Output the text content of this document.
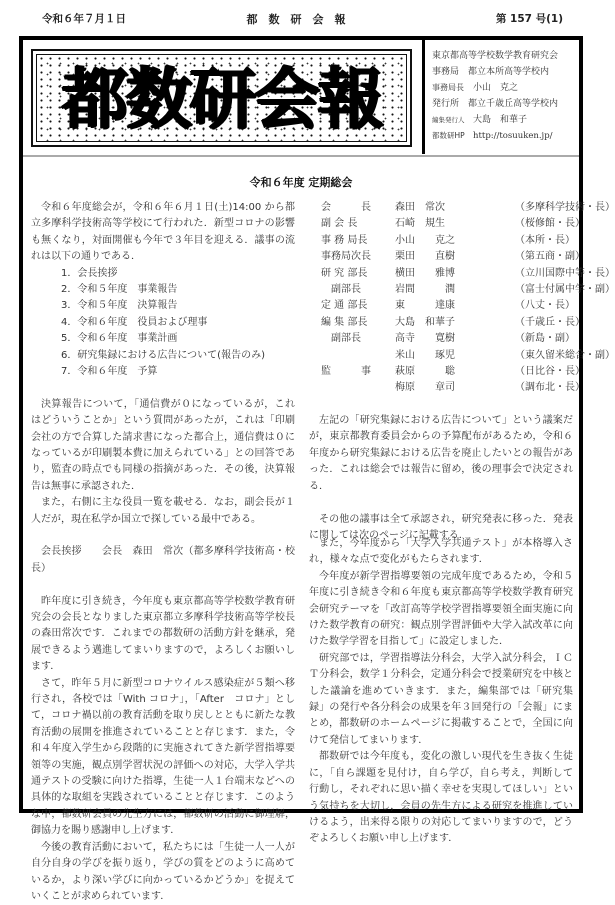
令和６年７月１日	都数研会報	第 157 号(1)
都数研会報
東京都高等学校数学教育研究会
事務局　 都立本所高等学校内
事務局長　 小山　克之
発行所　 都立千歳丘高等学校内
編集発行人　 大島　和華子
都数研HP　 http://tosuuken.jp/
令和６年度 定期総会

令和６年度総会が，令和６年６月１日(土)14:00 から都立多摩科学技術高等学校にて行われた．新型コロナの影響も無くなり，対面開催も今年で３年目を迎える．議事の流れは以下の通りである．

1．会長挨拶
2．令和５年度　事業報告
3．令和５年度　決算報告
4．令和６年度　役員および理事
5．令和６年度　事業計画
6．研究集録における広告について(報告のみ)
7．令和６年度　予算

決算報告について，「通信費が０になっているが，これはどういうことか」という質問があったが，これは「印刷会社の方で合算した請求書になった都合上，通信費は０になっているが印刷製本費に加えられている」との回答であり，監査の時点でも同様の指摘があった．その後，決算報告は無事に承認された．

また，右側に主な役員一覧を載せる．なお，副会長が１人だが，現在私学か国立で探している最中である。

会長挨拶　　会長　森田　常次（都多摩科学技術高・校長）

昨年度に引き続き，今年度も東京都高等学校数学教育研究会の会長となりました東京都立多摩科学技術高等学校長の森田常次です．これまでの都数研の活動方針を継承，発展できるよう邁進してまいりますので，よろしくお願いします．

さて，昨年５月に新型コロナウイルス感染症が５類へ移行され，各校では「With コロナ」，「After　コロナ」として，コロナ禍以前の教育活動を取り戻しとともに新たな教育活動の展開を推進されていることと存じます．また，令和４年度入学生から段階的に実施されてきた新学習指導要領等の実施，観点別学習状況の評価への対応，大学入学共通テストの受験に向けた指導，生徒一人１台端末などへの具体的な取組を実践されていることと存じます．このような中，都数研会員の先生方には，都数研の活動に御理解，御協力を賜り感謝申し上げます．

今後の教育活動において，私たちには「生徒一人一人が自分自身の学びを振り返り，学びの質をどのように高めているか，より深い学びに向かっているかどうか」を捉えていくことが求められています．

会　　　長 森田　常次	（多摩科学技術・長）
副 会 長	石崎　規生	（桜修館・長）
事 務 局長	小山　　克之	（本所・長）
事務局次長 栗田　　直樹	（第五商・副）
研 究 部長	横田　　雅博	（立川国際中等・長）
　副部長	岩間　　　潤	（富士付属中学・副）
定 通 部長	東　　　達康	（八丈・長）
編 集 部長	大島　和華子	（千歳丘・長）
　副部長	高寺　　寛樹	（新島・副）
米山　　琢児	（東久留米総合・副）
監　　　事 萩原　　　聡	（日比谷・長）
梅原　　章司	（調布北・長）

左記の「研究集録における広告について」という議案だが，東京都教育委員会からの予算配布があるため，令和６年度から研究集録における広告を廃止したいとの報告があった．これは総会では報告に留め，後の理事会で決定される．

その他の議事は全て承認され，研究発表に移った．発表に関しては次のページに記載する．

また，今年度から「大学入学共通テスト」が本格導入され，様々な点で変化がもたらされます．

今年度が新学習指導要領の完成年度であるため，令和５年度に引き続き令和６年度も東京都高等学校数学教育研究会研究テーマを「改訂高等学校学習指導要領全面実施に向けた数学教育の研究：観点別学習評価や大学入試改革に向けた数学学習を目指して」に設定しました．

研究部では，学習指導法分科会，大学入試分科会，ＩＣＴ分科会，数学１分科会，定通分科会で授業研究を中核とした議論を進めていきます．また，編集部では「研究集録」の発行や各分科会の成果を年３回発行の「会報」にまとめ，都数研のホームページに掲載することで，全国に向けて発信してまいります．

都数研では今年度も，変化の激しい現代を生き抜く生徒に，「自ら課題を見付け，自ら学び，自ら考え，判断して行動し，それぞれに思い描く幸せを実現してほしい」という気持ちを大切し，会員の先生方による研究を推進していけるよう，出来得る限りの対応してまいりますので，どうぞよろしくお願い申し上げます．
